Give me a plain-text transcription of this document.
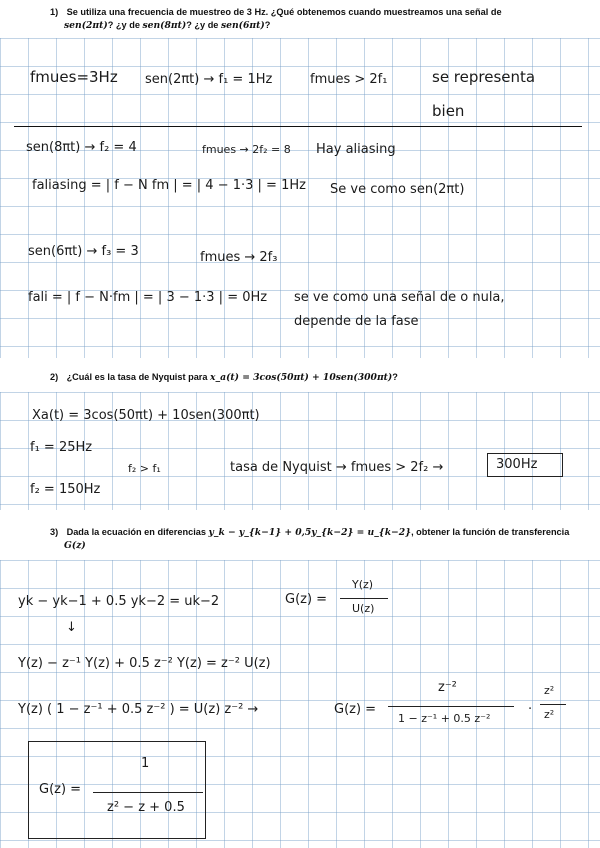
1) Se utiliza una frecuencia de muestreo de 3 Hz. ¿Qué obtenemos cuando muestreamos una señal de
sen(2πt)? ¿y de sen(8πt)? ¿y de sen(6πt)?
fmues=3Hz sen(2πt) → f₁ = 1Hz	fmues > 2f₁	se representa
bien
sen(8πt) → f₂ = 4	fmues → 2f₂ = 8 Hay aliasing
faliasing = | f − N fm | = | 4 − 1·3 | = 1Hz Se ve como sen(2πt)
sen(6πt) → f₃ = 3	fmues → 2f₃
fali = | f − N·fm | = | 3 − 1·3 | = 0Hz se ve como una señal de o nula,
depende de la fase
2) ¿Cuál es la tasa de Nyquist para x_a(t) = 3cos(50πt) + 10sen(300πt)?
Xa(t) = 3cos(50πt) + 10sen(300πt)
f₁ = 25Hz
f₂ = 150Hz
f₂ > f₁	tasa de Nyquist → fmues > 2f₂ →	300Hz
3) Dada la ecuación en diferencias y_k − y_{k−1} + 0,5y_{k−2} = u_{k−2}, obtener la función de transferencia
G(z)
yk − yk−1 + 0.5 yk−2 = uk−2
↓
G(z) =
Y(z)
U(z)
Y(z) − z⁻¹ Y(z) + 0.5 z⁻² Y(z) = z⁻² U(z)
Y(z) ( 1 − z⁻¹ + 0.5 z⁻² ) = U(z) z⁻² →	G(z) =
z⁻²
1 − z⁻¹ + 0.5 z⁻²
·
z²
z²
G(z) =
1
z² − z + 0.5
